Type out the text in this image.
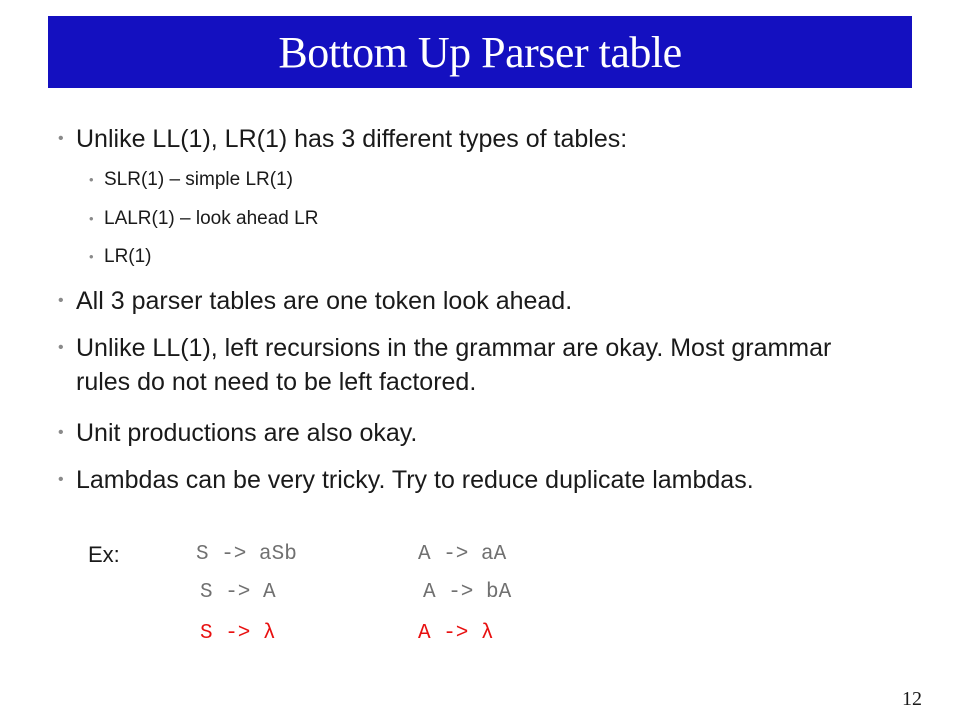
Bottom Up Parser table
• Unlike LL(1), LR(1) has 3 different types of tables:
• SLR(1) – simple LR(1)
• LALR(1) – look ahead LR
• LR(1)
• All 3 parser tables are one token look ahead.
• Unlike LL(1), left recursions in the grammar are okay. Most grammar rules do not need to be left factored.
• Unit productions are also okay.
• Lambdas can be very tricky. Try to reduce duplicate lambdas.
Ex:	S -> aSb	A -> aA
S -> A	A -> bA
S -> λ	A -> λ
12
